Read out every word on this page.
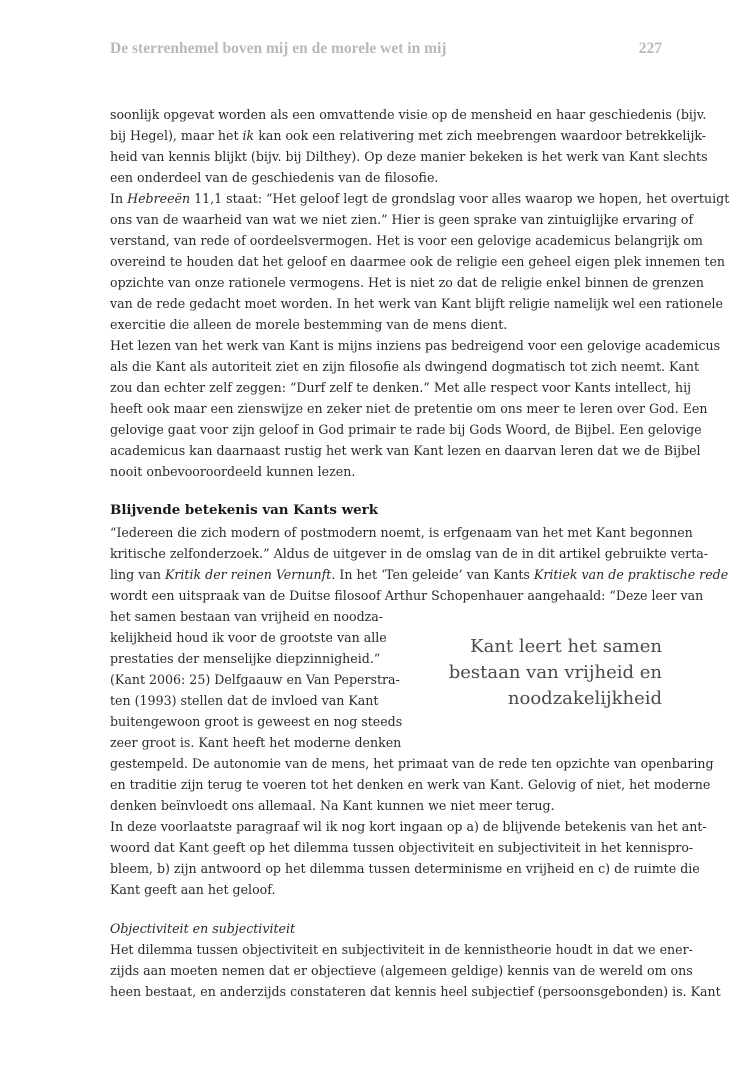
De sterrenhemel boven mij en de morele wet in mij	227
soonlijk opgevat worden als een omvattende visie op de mensheid en haar geschiedenis (bijv.
bij Hegel), maar het ik kan ook een relativering met zich meebrengen waardoor betrekkelijk-
heid van kennis blijkt (bijv. bij Dilthey). Op deze manier bekeken is het werk van Kant slechts
een onderdeel van de geschiedenis van de filosofie.
In Hebreeën 11,1 staat: “Het geloof legt de grondslag voor alles waarop we hopen, het overtuigt
ons van de waarheid van wat we niet zien.” Hier is geen sprake van zintuiglijke ervaring of
verstand, van rede of oordeelsvermogen. Het is voor een gelovige academicus belangrijk om
overeind te houden dat het geloof en daarmee ook de religie een geheel eigen plek innemen ten
opzichte van onze rationele vermogens. Het is niet zo dat de religie enkel binnen de grenzen
van de rede gedacht moet worden. In het werk van Kant blijft religie namelijk wel een rationele
exercitie die alleen de morele bestemming van de mens dient.
Het lezen van het werk van Kant is mijns inziens pas bedreigend voor een gelovige academicus
als die Kant als autoriteit ziet en zijn filosofie als dwingend dogmatisch tot zich neemt. Kant
zou dan echter zelf zeggen: “Durf zelf te denken.” Met alle respect voor Kants intellect, hij
heeft ook maar een zienswijze en zeker niet de pretentie om ons meer te leren over God. Een
gelovige gaat voor zijn geloof in God primair te rade bij Gods Woord, de Bijbel. Een gelovige
academicus kan daarnaast rustig het werk van Kant lezen en daarvan leren dat we de Bijbel
nooit onbevooroordeeld kunnen lezen.
Blijvende betekenis van Kants werk
“Iedereen die zich modern of postmodern noemt, is erfgenaam van het met Kant begonnen
kritische zelfonderzoek.” Aldus de uitgever in de omslag van de in dit artikel gebruikte verta-
ling van Kritik der reinen Vernunft. In het ‘Ten geleide’ van Kants Kritiek van de praktische rede
wordt een uitspraak van de Duitse filosoof Arthur Schopenhauer aangehaald: “Deze leer van
het samen bestaan van vrijheid en noodza-
kelijkheid houd ik voor de grootste van alle
prestaties der menselijke diepzinnigheid.”
(Kant 2006: 25) Delfgaauw en Van Peperstra-
ten (1993) stellen dat de invloed van Kant
buitengewoon groot is geweest en nog steeds
zeer groot is. Kant heeft het moderne denken
Kant leert het samen
bestaan van vrijheid en
noodzakelijkheid
gestempeld. De autonomie van de mens, het primaat van de rede ten opzichte van openbaring
en traditie zijn terug te voeren tot het denken en werk van Kant. Gelovig of niet, het moderne
denken beïnvloedt ons allemaal. Na Kant kunnen we niet meer terug.
In deze voorlaatste paragraaf wil ik nog kort ingaan op a) de blijvende betekenis van het ant-
woord dat Kant geeft op het dilemma tussen objectiviteit en subjectiviteit in het kennispro-
bleem, b) zijn antwoord op het dilemma tussen determinisme en vrijheid en c) de ruimte die
Kant geeft aan het geloof.
Objectiviteit en subjectiviteit
Het dilemma tussen objectiviteit en subjectiviteit in de kennistheorie houdt in dat we ener-
zijds aan moeten nemen dat er objectieve (algemeen geldige) kennis van de wereld om ons
heen bestaat, en anderzijds constateren dat kennis heel subjectief (persoonsgebonden) is. Kant
